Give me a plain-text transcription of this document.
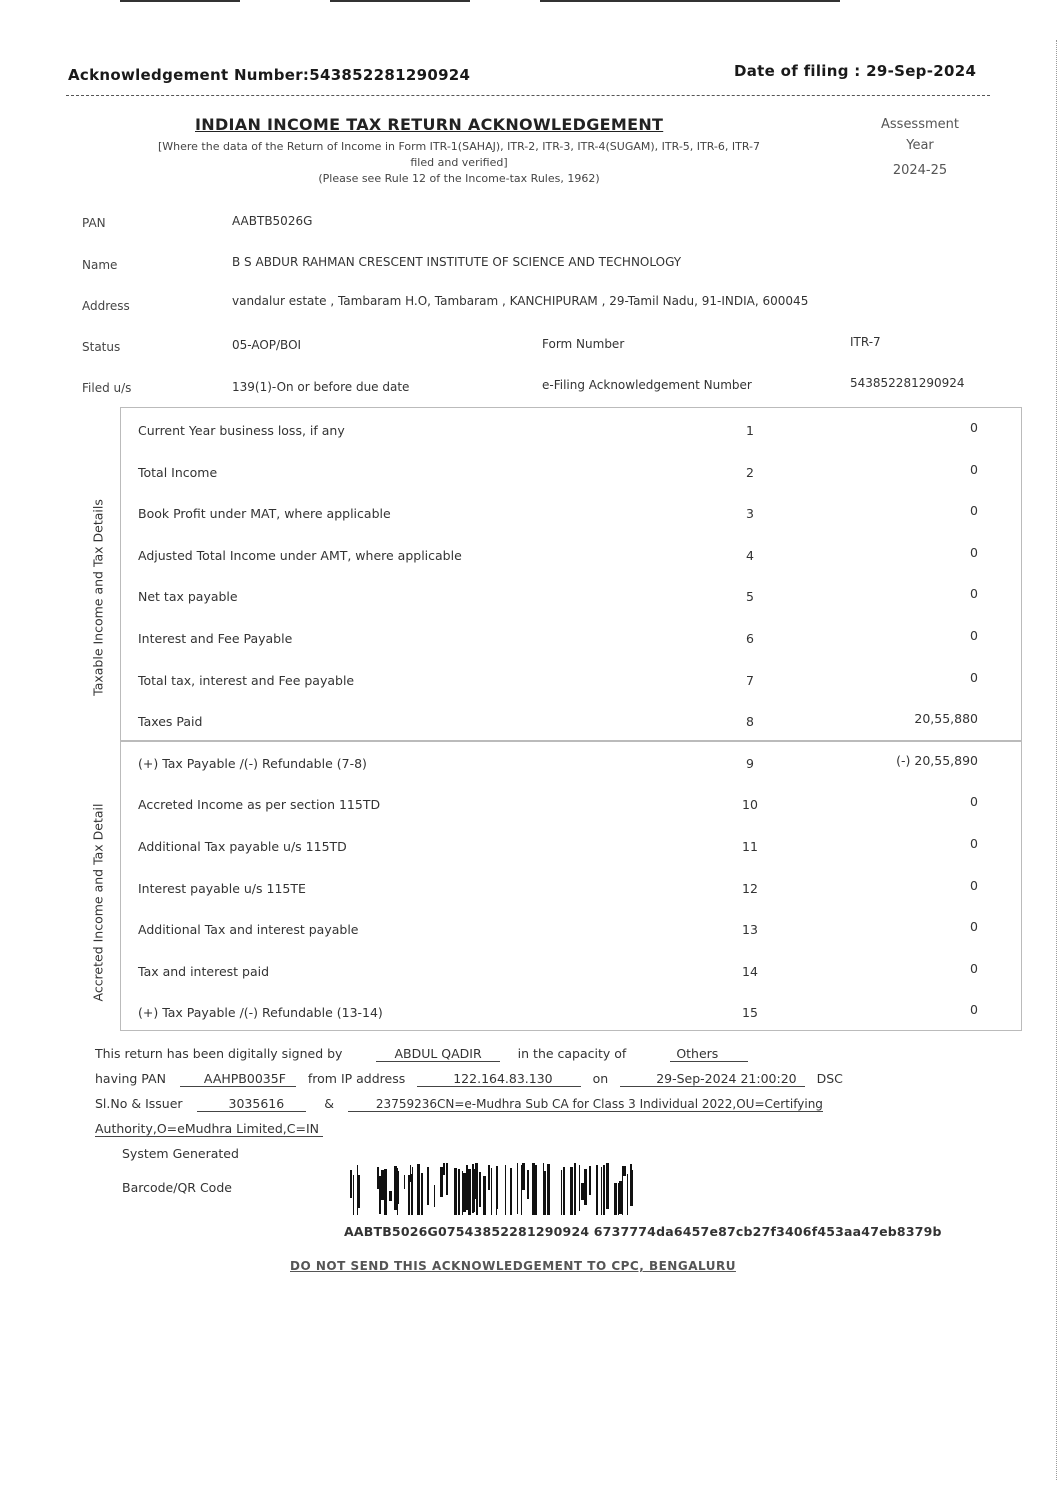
Acknowledgement Number:543852281290924	Date of filing : 29-Sep-2024
INDIAN INCOME TAX RETURN ACKNOWLEDGEMENT
[Where the data of the Return of Income in Form ITR-1(SAHAJ), ITR-2, ITR-3, ITR-4(SUGAM), ITR-5, ITR-6, ITR-7
filed and verified]
(Please see Rule 12 of the Income-tax Rules, 1962)
Assessment
Year
2024-25
PAN	AABTB5026G
Name	B S ABDUR RAHMAN CRESCENT INSTITUTE OF SCIENCE AND TECHNOLOGY
Address	vandalur estate , Tambaram H.O, Tambaram , KANCHIPURAM , 29-Tamil Nadu, 91-INDIA, 600045
Status	05-AOP/BOI	Form Number	ITR-7
Filed u/s	139(1)-On or before due date	e-Filing Acknowledgement Number	543852281290924
Taxable Income and Tax Details
Accreted Income and Tax Detail
Current Year business loss, if any	1	0
Total Income	2	0
Book Profit under MAT, where applicable	3	0
Adjusted Total Income under AMT, where applicable	4	0
Net tax payable	5	0
Interest and Fee Payable	6	0
Total tax, interest and Fee payable	7	0
Taxes Paid	8	20,55,880
(+) Tax Payable /(-) Refundable (7-8)	9	(-) 20,55,890
Accreted Income as per section 115TD	10	0
Additional Tax payable u/s 115TD	11	0
Interest payable u/s 115TE	12	0
Additional Tax and interest payable	13	0
Tax and interest paid	14	0
(+) Tax Payable /(-) Refundable (13-14)	15	0
This return has been digitally signed by	ABDUL QADIR	in the capacity of	Others
having PAN	AAHPB0035F from IP address	122.164.83.130	on	29-Sep-2024 21:00:20 DSC
Sl.No & Issuer	3035616	&	23759236CN=e-Mudhra Sub CA for Class 3 Individual 2022,OU=Certifying
Authority,O=eMudhra Limited,C=IN
System Generated
Barcode/QR Code
AABTB5026G07543852281290924 6737774da6457e87cb27f3406f453aa47eb8379b
DO NOT SEND THIS ACKNOWLEDGEMENT TO CPC, BENGALURU
